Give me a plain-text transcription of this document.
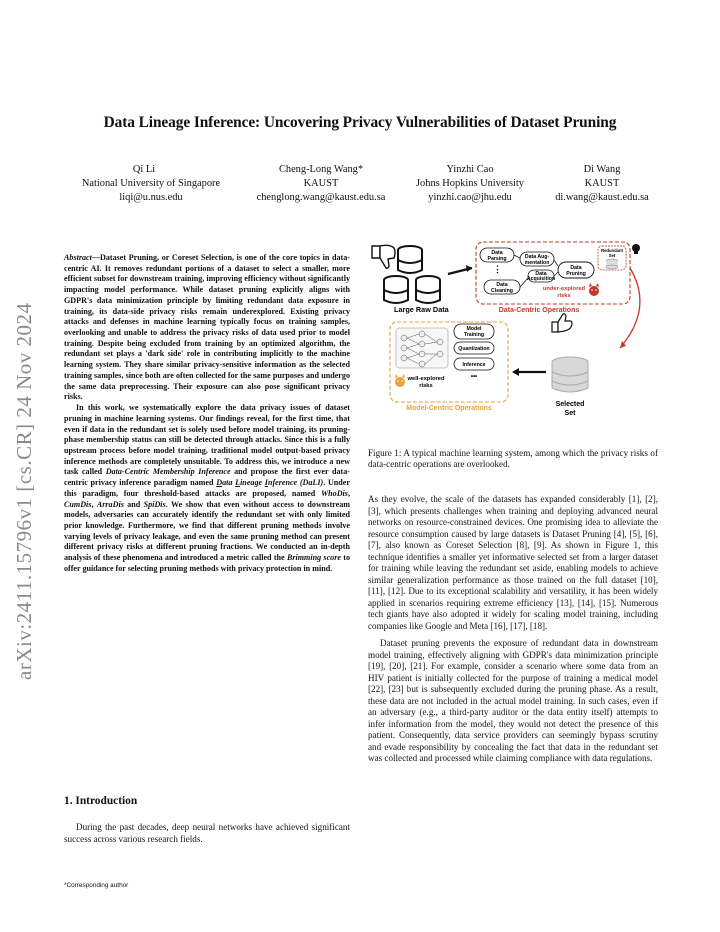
arXiv:2411.15796v1 [cs.CR] 24 Nov 2024
Data Lineage Inference: Uncovering Privacy Vulnerabilities of Dataset Pruning
Qi Li
National University of Singapore
liqi@u.nus.edu
Cheng-Long Wang*
KAUST
chenglong.wang@kaust.edu.sa
Yinzhi Cao
Johns Hopkins University
yinzhi.cao@jhu.edu
Di Wang
KAUST
di.wang@kaust.edu.sa

Abstract—Dataset Pruning, or Coreset Selection, is one of the core topics in data-centric AI. It removes redundant portions of a dataset to select a smaller, more efficient subset for downstream training, improving efficiency without significantly impacting model performance. While dataset pruning explicitly aligns with GDPR's data minimization principle by limiting redundant data exposure in training, its data-side privacy risks remain underexplored. Existing privacy attacks and defenses in machine learning typically focus on training samples, overlooking and unable to address the privacy risks of data used prior to model training. Despite being excluded from training by an optimized algorithm, the redundant set plays a 'dark side' role in contributing implicitly to the machine learning system. They share similar privacy-sensitive information as the selected training samples, since both are often collected for the same purposes and undergo the same data preprocessing. Their exposure can also pose significant privacy risks.

In this work, we systematically explore the data privacy issues of dataset pruning in machine learning systems. Our findings reveal, for the first time, that even if data in the redundant set is solely used before model training, its pruning-phase membership status can still be detected through attacks. Since this is a fully upstream process before model training, traditional model output-based privacy inference methods are completely unsuitable. To address this, we introduce a new task called Data-Centric Membership Inference and propose the first ever data-centric privacy inference paradigm named Data Lineage Inference (DaLI). Under this paradigm, four threshold-based attacks are proposed, named WhoDis, CumDis, ArraDis and SpiDis. We show that even without access to downstream models, adversaries can accurately identify the redundant set with only limited prior knowledge. Furthermore, we find that different pruning methods involve varying levels of privacy leakage, and even the same pruning method can present different privacy risks at different pruning fractions. We conducted an in-depth analysis of these phenomena and introduced a metric called the Brimming score to offer guidance for selecting pruning methods with privacy protection in mind.

1. Introduction
During the past decades, deep neural networks have achieved significant success across various research fields.
*Corresponding author
Large Raw Data
Data
Parsing	Data Aug-
mentation
Data
Acquisition
Data
Pruning
Data
Cleaning
⋮
Redundant
Set
under-explored
risks
Data-Centric Operations
Selected
Set
Model
Training
Quantization
Inference
•••
well-explored
risks
Model-Centric Operations
Figure 1: A typical machine learning system, among which the privacy risks of data-centric operations are overlooked.

As they evolve, the scale of the datasets has expanded considerably [1], [2], [3], which presents challenges when training and deploying advanced neural networks on resource-constrained devices. One promising idea to alleviate the resource consumption caused by large datasets is Dataset Pruning [4], [5], [6], [7], also known as Coreset Selection [8], [9]. As shown in Figure 1, this technique identifies a smaller yet informative selected set from a larger dataset for training while leaving the redundant set aside, enabling models to achieve similar generalization performance as those trained on the full dataset [10], [11], [12]. Due to its exceptional scalability and versatility, it has been widely applied in scenarios requiring extreme efficiency [13], [14], [15]. Numerous tech giants have also adopted it widely for scaling model training, including companies like Google and Meta [16], [17], [18].

Dataset pruning prevents the exposure of redundant data in downstream model training, effectively aligning with GDPR's data minimization principle [19], [20], [21]. For example, consider a scenario where some data from an HIV patient is initially collected for the purpose of training a medical model [22], [23] but is subsequently excluded during the pruning phase. As a result, these data are not included in the actual model training. In such cases, even if an adversary (e.g., a third-party auditor or the data entity itself) attempts to infer information from the model, they would not detect the presence of this patient. Consequently, data service providers can seemingly bypass scrutiny and evade responsibility by concealing the fact that data in the redundant set was collected and processed while claiming compliance with data regulations.
